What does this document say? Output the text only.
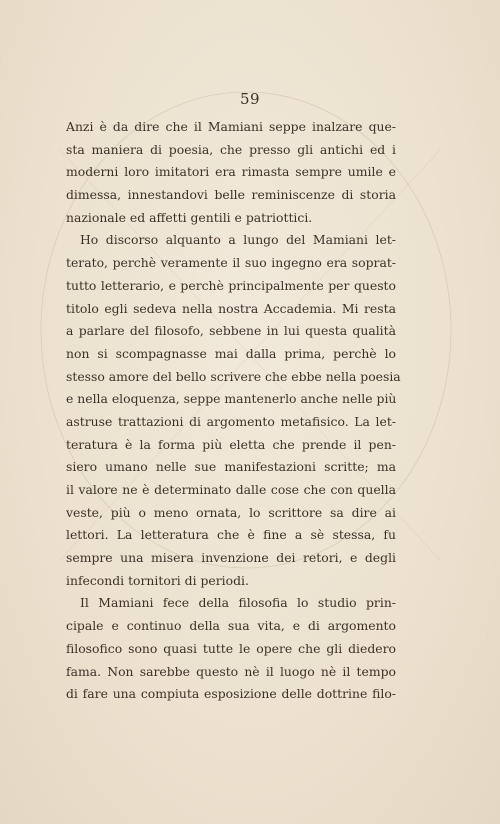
59
Anzi è da dire che il Mamiani seppe inalzare que-
sta maniera di poesia, che presso gli antichi ed i
moderni loro imitatori era rimasta sempre umile e
dimessa, innestandovi belle reminiscenze di storia
nazionale ed affetti gentili e patriottici.
Ho discorso alquanto a lungo del Mamiani let-
terato, perchè veramente il suo ingegno era soprat-
tutto letterario, e perchè principalmente per questo
titolo egli sedeva nella nostra Accademia. Mi resta
a parlare del filosofo, sebbene in lui questa qualità
non si scompagnasse mai dalla prima, perchè lo
stesso amore del bello scrivere che ebbe nella poesia
e nella eloquenza, seppe mantenerlo anche nelle più
astruse trattazioni di argomento metafisico. La let-
teratura è la forma più eletta che prende il pen-
siero umano nelle sue manifestazioni scritte; ma
il valore ne è determinato dalle cose che con quella
veste, più o meno ornata, lo scrittore sa dire ai
lettori. La letteratura che è fine a sè stessa, fu
sempre una misera invenzione dei retori, e degli
infecondi tornitori di periodi.
Il Mamiani fece della filosofia lo studio prin-
cipale e continuo della sua vita, e di argomento
filosofico sono quasi tutte le opere che gli diedero
fama. Non sarebbe questo nè il luogo nè il tempo
di fare una compiuta esposizione delle dottrine filo-
